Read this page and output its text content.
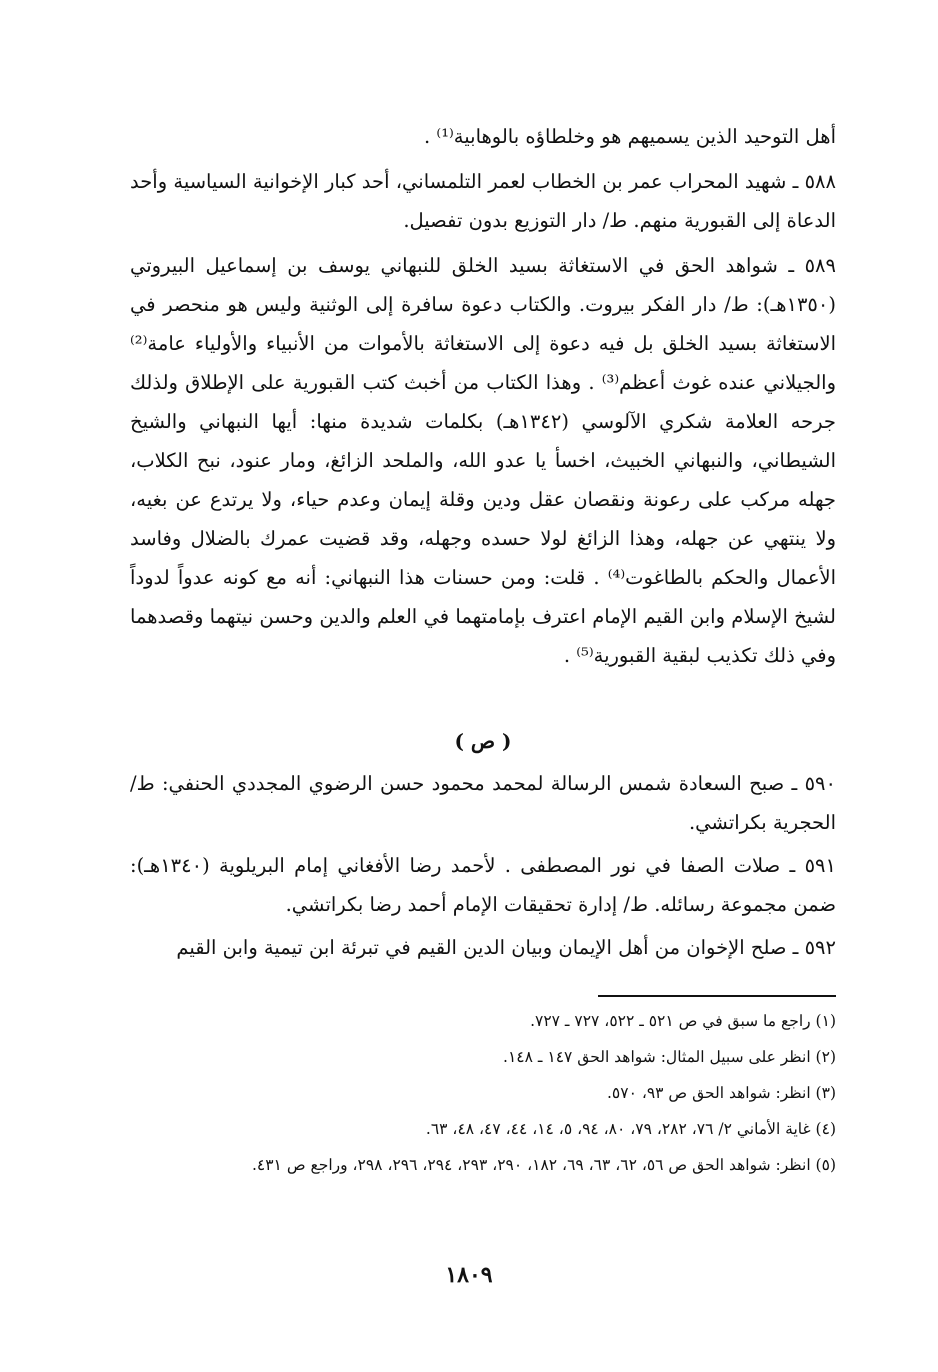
أهل التوحيد الذين يسميهم هو وخلطاؤه بالوهابية⁽¹⁾ .

٥٨٨ ـ شهيد المحراب عمر بن الخطاب لعمر التلمساني، أحد كبار الإخوانية السياسية وأحد الدعاة إلى القبورية منهم. ط/ دار التوزيع بدون تفصيل.

٥٨٩ ـ شواهد الحق في الاستغاثة بسيد الخلق للنبهاني يوسف بن إسماعيل البيروتي (١٣٥٠هـ): ط/ دار الفكر بيروت. والكتاب دعوة سافرة إلى الوثنية وليس هو منحصر في الاستغاثة بسيد الخلق بل فيه دعوة إلى الاستغاثة بالأموات من الأنبياء والأولياء عامة⁽²⁾ والجيلاني عنده غوث أعظم⁽³⁾ . وهذا الكتاب من أخبث كتب القبورية على الإطلاق ولذلك جرحه العلامة شكري الآلوسي (١٣٤٢هـ) بكلمات شديدة منها: أيها النبهاني والشيخ الشيطاني، والنبهاني الخبيث، اخسأ يا عدو الله، والملحد الزائغ، ومار عنود، نبح الكلاب، جهله مركب على رعونة ونقصان عقل ودين وقلة إيمان وعدم حياء، ولا يرتدع عن بغيه، ولا ينتهي عن جهله، وهذا الزائغ لولا حسده وجهله، وقد قضيت عمرك بالضلال وفاسد الأعمال والحكم بالطاغوت⁽⁴⁾ . قلت: ومن حسنات هذا النبهاني: أنه مع كونه عدواً لدوداً لشيخ الإسلام وابن القيم الإمام اعترف بإمامتهما في العلم والدين وحسن نيتهما وقصدهما وفي ذلك تكذيب لبقية القبورية⁽⁵⁾ .

( ص )

٥٩٠ ـ صبح السعادة شمس الرسالة لمحمد محمود حسن الرضوي المجددي الحنفي: ط/ الحجرية بكراتشي.

٥٩١ ـ صلات الصفا في نور المصطفى . لأحمد رضا الأفغاني إمام البريلوية (١٣٤٠هـ): ضمن مجموعة رسائله. ط/ إدارة تحقيقات الإمام أحمد رضا بكراتشي.

٥٩٢ ـ صلح الإخوان من أهل الإيمان وبيان الدين القيم في تبرئة ابن تيمية وابن القيم

(١) راجع ما سبق في ص ٥٢١ ـ ٥٢٢، ٧٢٧ ـ ٧٢٧.

(٢) انظر على سبيل المثال: شواهد الحق ١٤٧ ـ ١٤٨.

(٣) انظر: شواهد الحق ص ٩٣، ٥٧٠.

(٤) غاية الأماني ٢/ ٧٦، ٢٨٢، ٧٩، ٨٠، ٩٤، ٥، ١٤، ٤٤، ٤٧، ٤٨، ٦٣.

(٥) انظر: شواهد الحق ص ٥٦، ٦٢، ٦٣، ٦٩، ١٨٢، ٢٩٠، ٢٩٣، ٢٩٤، ٢٩٦، ٢٩٨، وراجع ص ٤٣١.

١٨٠٩
